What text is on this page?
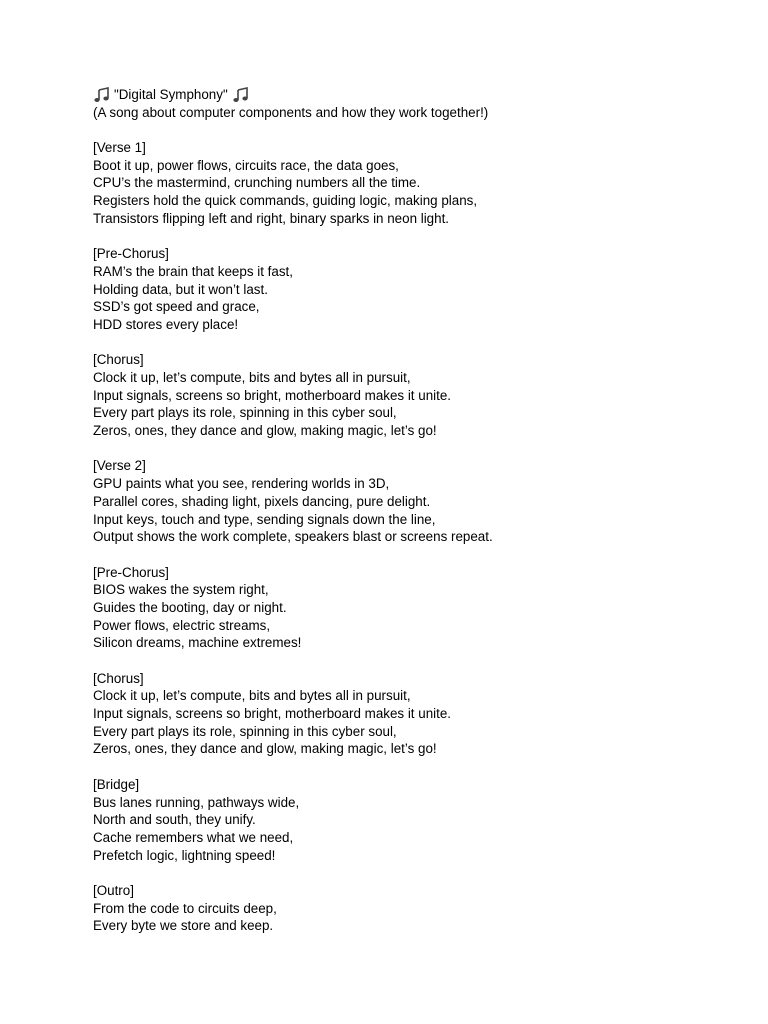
"Digital Symphony"
(A song about computer components and how they work together!)
[Verse 1]
Boot it up, power flows, circuits race, the data goes,
CPU’s the mastermind, crunching numbers all the time.
Registers hold the quick commands, guiding logic, making plans,
Transistors flipping left and right, binary sparks in neon light.
[Pre-Chorus]
RAM’s the brain that keeps it fast,
Holding data, but it won’t last.
SSD’s got speed and grace,
HDD stores every place!
[Chorus]
Clock it up, let’s compute, bits and bytes all in pursuit,
Input signals, screens so bright, motherboard makes it unite.
Every part plays its role, spinning in this cyber soul,
Zeros, ones, they dance and glow, making magic, let’s go!
[Verse 2]
GPU paints what you see, rendering worlds in 3D,
Parallel cores, shading light, pixels dancing, pure delight.
Input keys, touch and type, sending signals down the line,
Output shows the work complete, speakers blast or screens repeat.
[Pre-Chorus]
BIOS wakes the system right,
Guides the booting, day or night.
Power flows, electric streams,
Silicon dreams, machine extremes!
[Chorus]
Clock it up, let’s compute, bits and bytes all in pursuit,
Input signals, screens so bright, motherboard makes it unite.
Every part plays its role, spinning in this cyber soul,
Zeros, ones, they dance and glow, making magic, let’s go!
[Bridge]
Bus lanes running, pathways wide,
North and south, they unify.
Cache remembers what we need,
Prefetch logic, lightning speed!
[Outro]
From the code to circuits deep,
Every byte we store and keep.
